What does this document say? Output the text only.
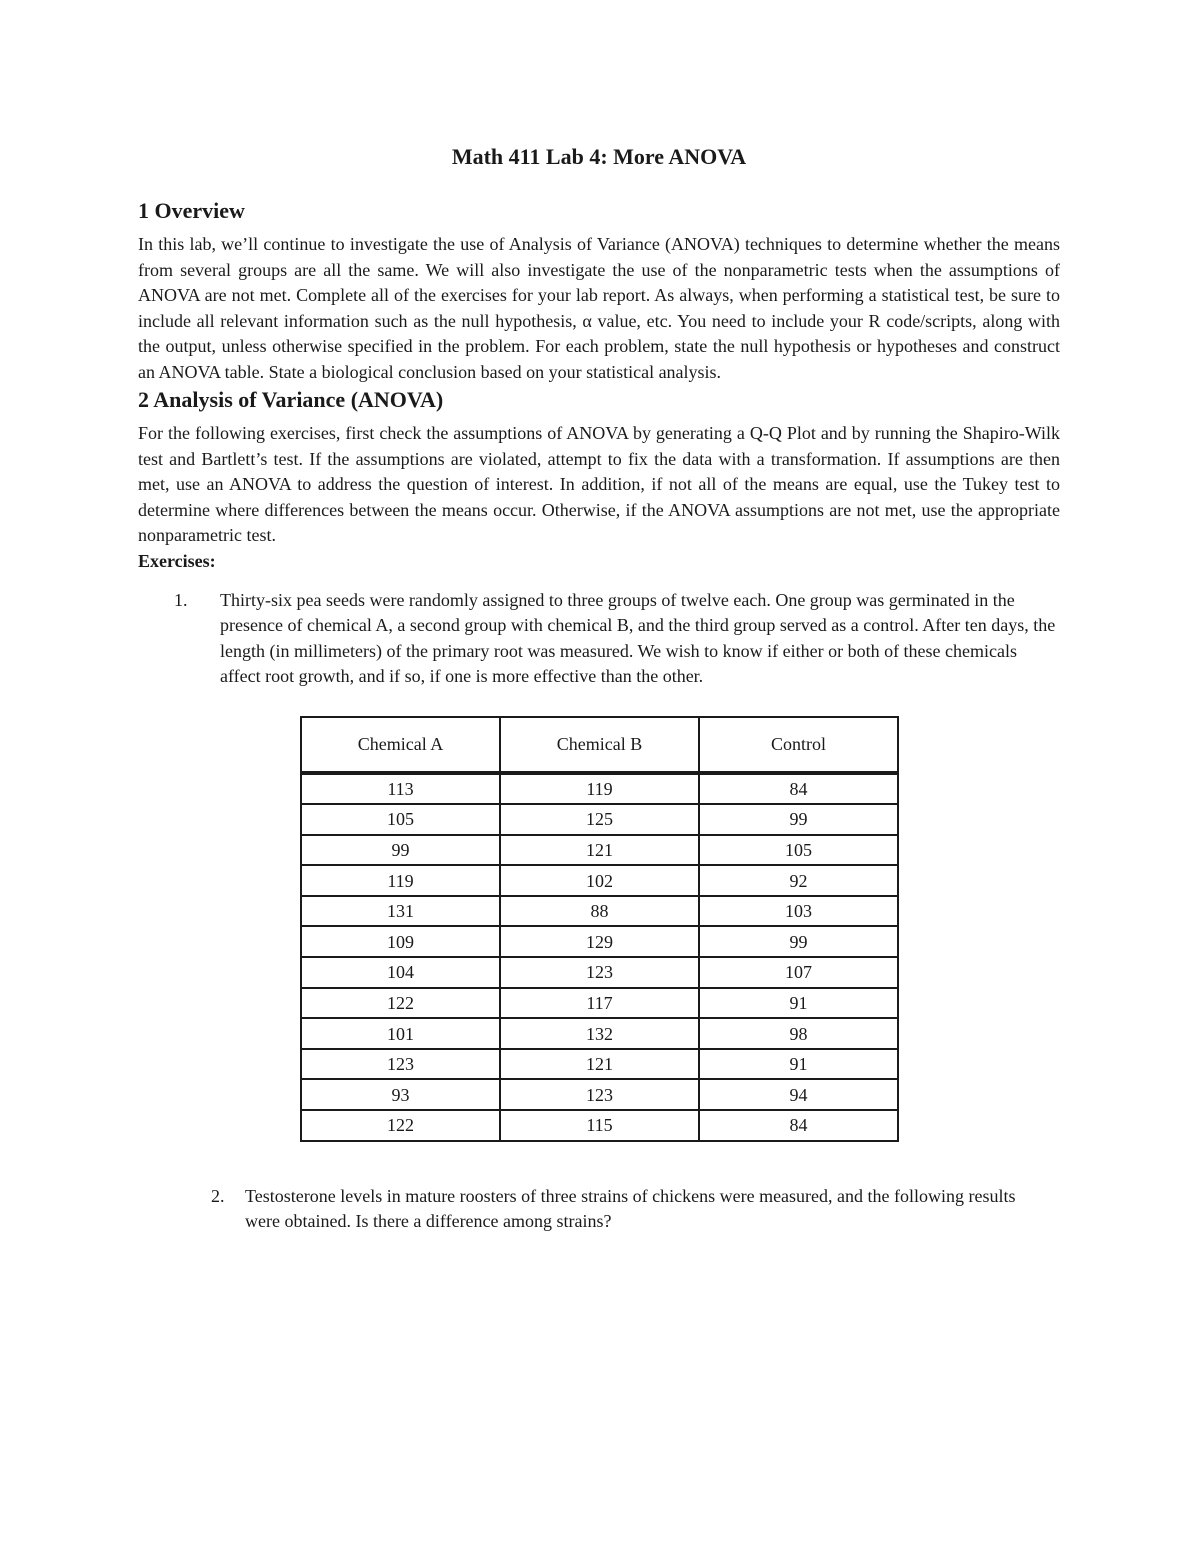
Math 411 Lab 4: More ANOVA
1 Overview

In this lab, we’ll continue to investigate the use of Analysis of Variance (ANOVA) techniques to determine whether the means from several groups are all the same. We will also investigate the use of the nonparametric tests when the assumptions of ANOVA are not met. Complete all of the exercises for your lab report. As always, when performing a statistical test, be sure to include all relevant information such as the null hypothesis, α value, etc. You need to include your R code/scripts, along with the output, unless otherwise specified in the problem. For each problem, state the null hypothesis or hypotheses and construct an ANOVA table. State a biological conclusion based on your statistical analysis.

2 Analysis of Variance (ANOVA)

For the following exercises, first check the assumptions of ANOVA by generating a Q-Q Plot and by running the Shapiro-Wilk test and Bartlett’s test. If the assumptions are violated, attempt to fix the data with a transformation. If assumptions are then met, use an ANOVA to address the question of interest. In addition, if not all of the means are equal, use the Tukey test to determine where differences between the means occur. Otherwise, if the ANOVA assumptions are not met, use the appropriate nonparametric test.

Exercises:
1. Thirty-six pea seeds were randomly assigned to three groups of twelve each. One group was germinated in the presence of chemical A, a second group with chemical B, and the third group served as a control. After ten days, the length (in millimeters) of the primary root was measured. We wish to know if either or both of these chemicals affect root growth, and if so, if one is more effective than the other.
Chemical A	Chemical B	Control
113	119	84
105	125	99
99	121	105
119	102	92
131	88	103
109	129	99
104	123	107
122	117	91
101	132	98
123	121	91
93	123	94
122	115	84
2. Testosterone levels in mature roosters of three strains of chickens were measured, and the following results were obtained. Is there a difference among strains?
